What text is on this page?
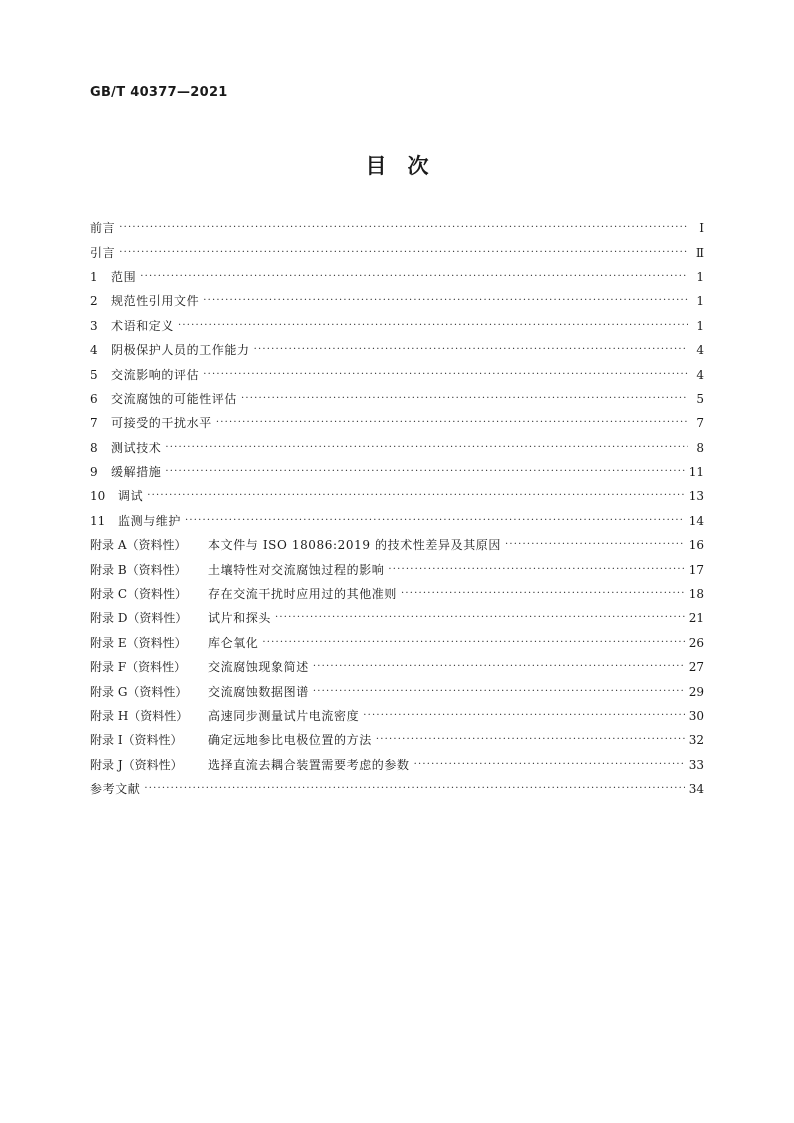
GB/T 40377—2021
目　次
前言 ·····	Ⅰ
引言 ·····	Ⅱ
1	范围 ·····	1
2	规范性引用文件 ·····	1
3	术语和定义 ·····	1
4	阴极保护人员的工作能力 ·····	4
5	交流影响的评估 ·····	4
6	交流腐蚀的可能性评估 ·····	5
7	可接受的干扰水平 ·····	7
8	测试技术 ·····	8
9	缓解措施 ·····	11
10	调试 ·····	13
11	监测与维护 ·····	14
附录 A（资料性）	本文件与 ISO 18086:2019 的技术性差异及其原因 ·····	16
附录 B（资料性）	土壤特性对交流腐蚀过程的影响 ·····	17
附录 C（资料性）	存在交流干扰时应用过的其他准则 ·····	18
附录 D（资料性）	试片和探头 ·····	21
附录 E（资料性）	库仑氧化 ·····	26
附录 F（资料性）	交流腐蚀现象简述 ·····	27
附录 G（资料性）	交流腐蚀数据图谱 ·····	29
附录 H（资料性）	高速同步测量试片电流密度 ·····	30
附录 I（资料性）	确定远地参比电极位置的方法 ·····	32
附录 J（资料性）	选择直流去耦合装置需要考虑的参数 ·····	33
参考文献 ·····	34
